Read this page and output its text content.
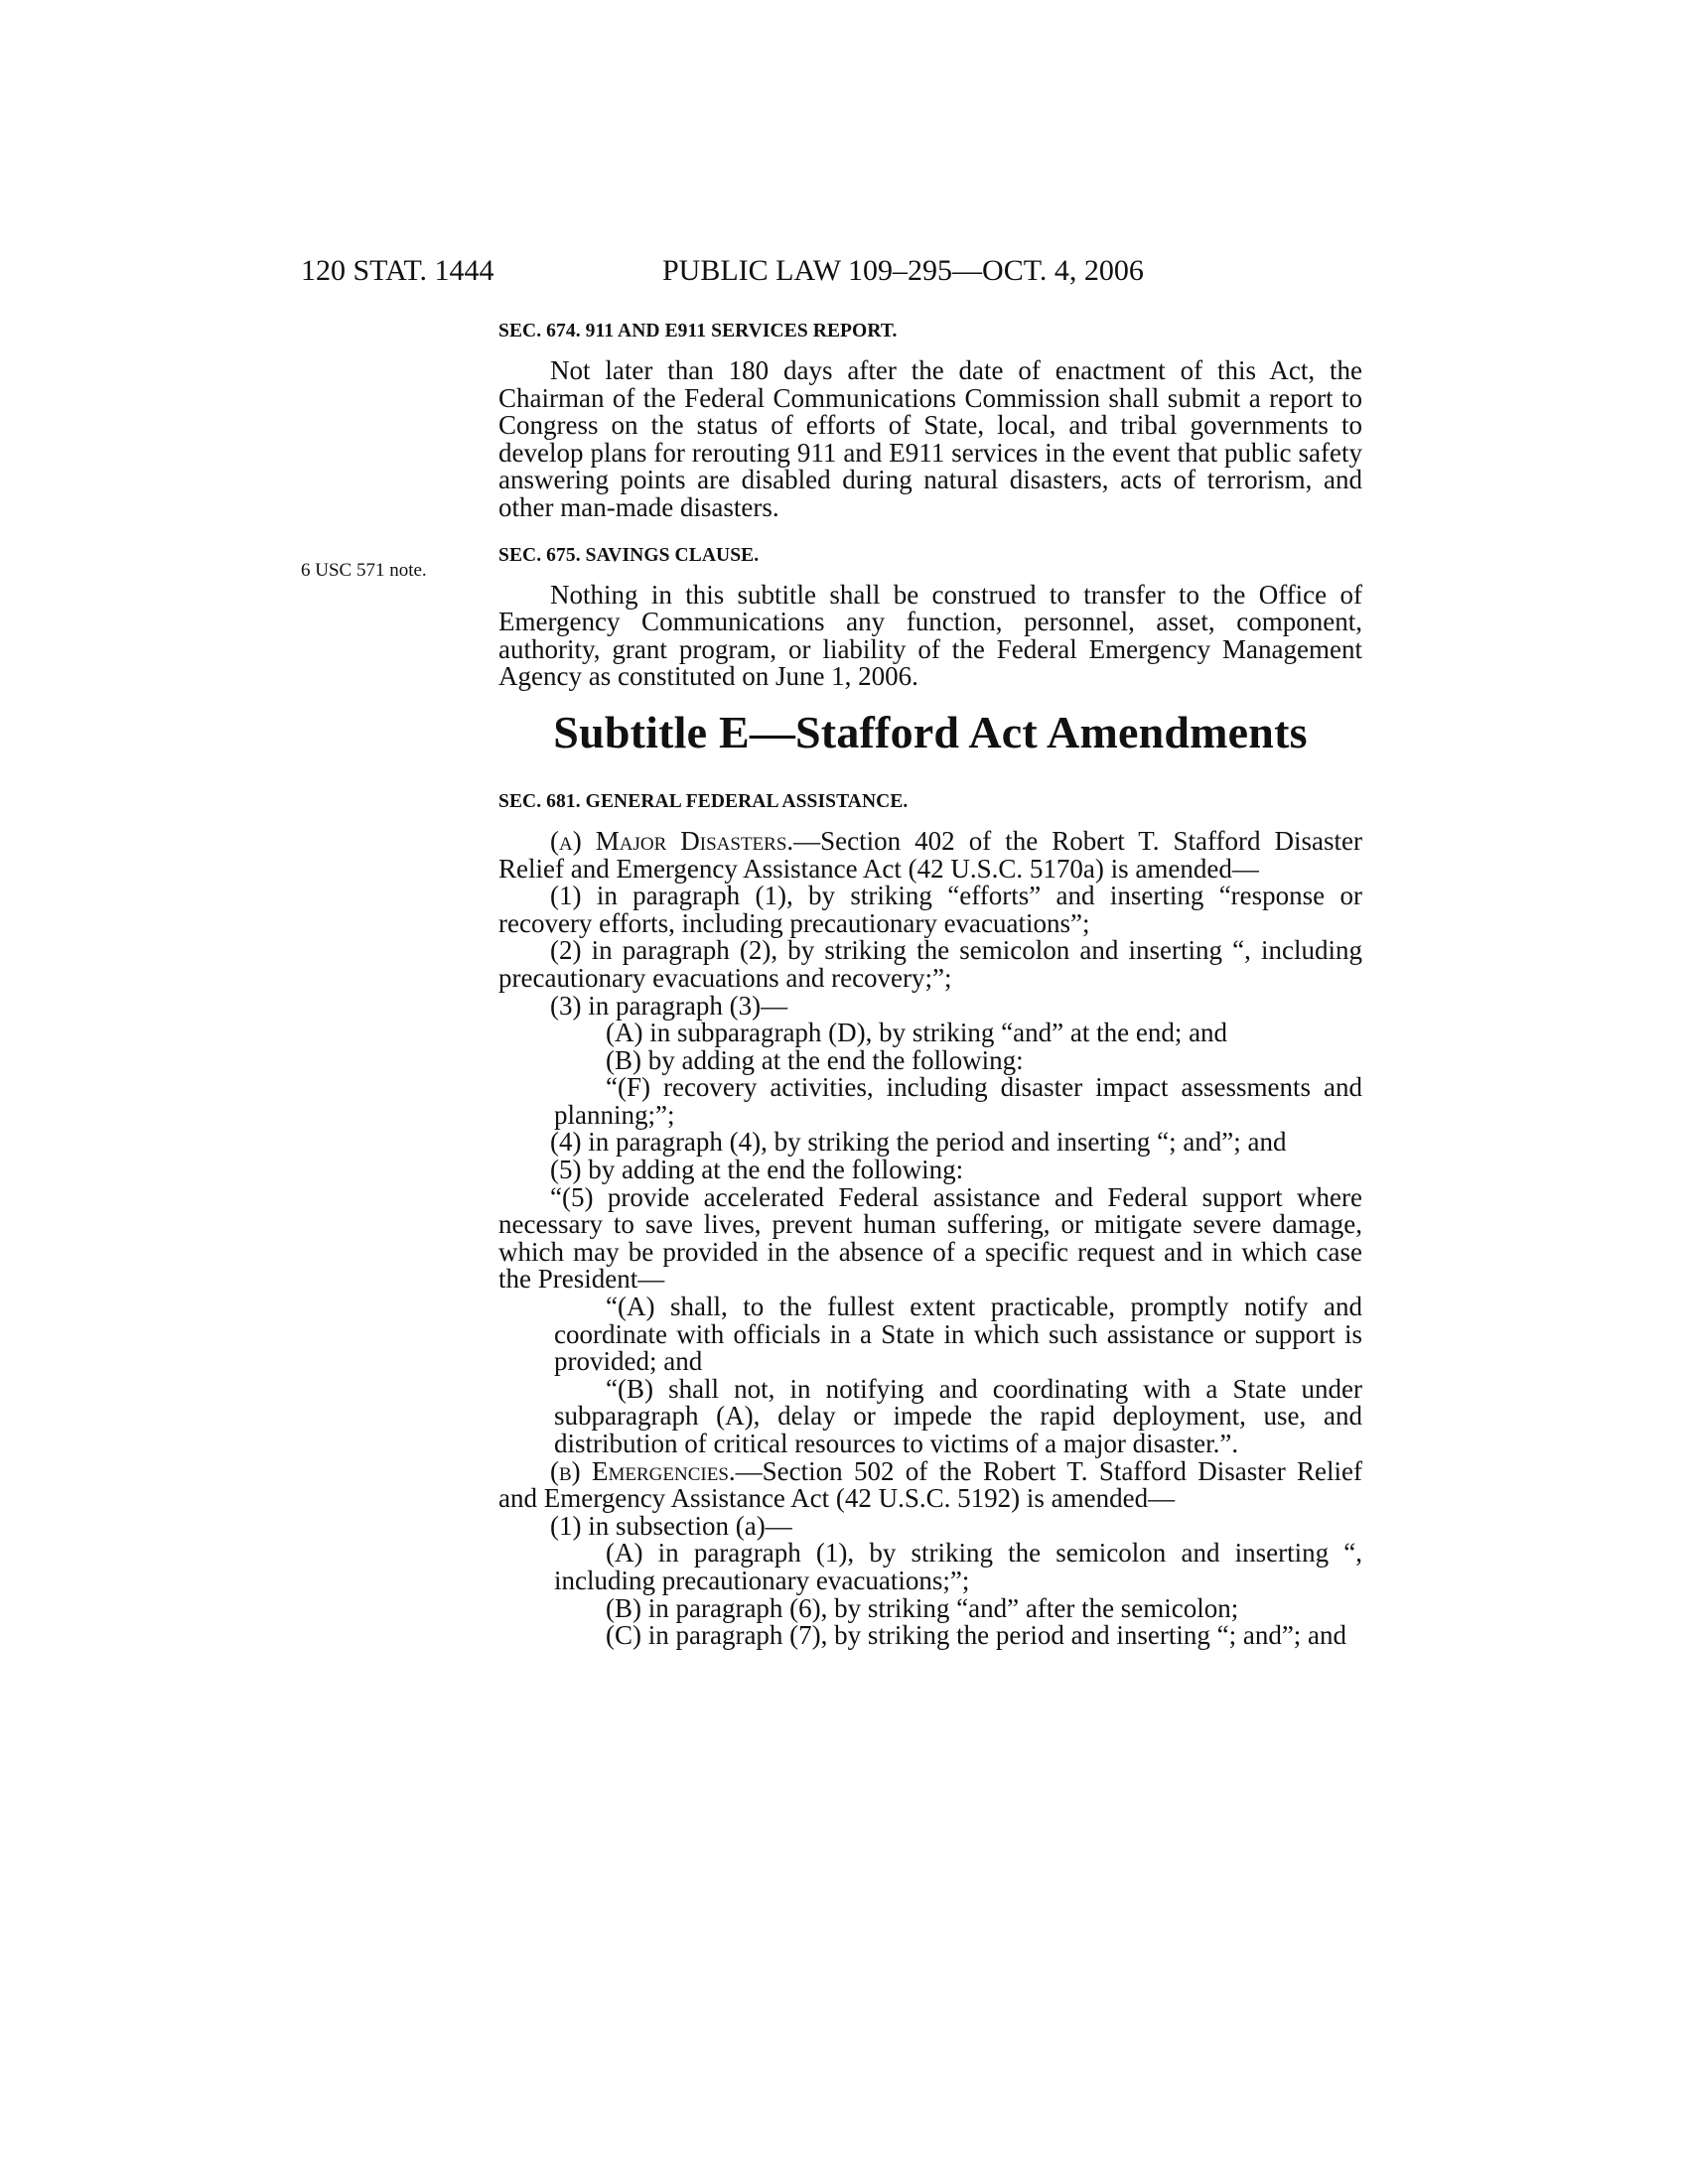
120 STAT. 1444	PUBLIC LAW 109–295—OCT. 4, 2006
6 USC 571 note.
SEC. 674. 911 AND E911 SERVICES REPORT.

Not later than 180 days after the date of enactment of this Act, the Chairman of the Federal Communications Commission shall submit a report to Congress on the status of efforts of State, local, and tribal governments to develop plans for rerouting 911 and E911 services in the event that public safety answering points are disabled during natural disasters, acts of terrorism, and other man-made disasters.

SEC. 675. SAVINGS CLAUSE.

Nothing in this subtitle shall be construed to transfer to the Office of Emergency Communications any function, personnel, asset, component, authority, grant program, or liability of the Federal Emergency Management Agency as constituted on June 1, 2006.

Subtitle E—Stafford Act Amendments
SEC. 681. GENERAL FEDERAL ASSISTANCE.

(a) Major Disasters.—Section 402 of the Robert T. Stafford Disaster Relief and Emergency Assistance Act (42 U.S.C. 5170a) is amended—

(1) in paragraph (1), by striking “efforts” and inserting “response or recovery efforts, including precautionary evacuations”;

(2) in paragraph (2), by striking the semicolon and inserting “, including precautionary evacuations and recovery;”;

(3) in paragraph (3)—

(A) in subparagraph (D), by striking “and” at the end; and

(B) by adding at the end the following:

“(F) recovery activities, including disaster impact assessments and planning;”;

(4) in paragraph (4), by striking the period and inserting “; and”; and

(5) by adding at the end the following:

“(5) provide accelerated Federal assistance and Federal support where necessary to save lives, prevent human suffering, or mitigate severe damage, which may be provided in the absence of a specific request and in which case the President—

“(A) shall, to the fullest extent practicable, promptly notify and coordinate with officials in a State in which such assistance or support is provided; and

“(B) shall not, in notifying and coordinating with a State under subparagraph (A), delay or impede the rapid deployment, use, and distribution of critical resources to victims of a major disaster.”.

(b) Emergencies.—Section 502 of the Robert T. Stafford Disaster Relief and Emergency Assistance Act (42 U.S.C. 5192) is amended—

(1) in subsection (a)—

(A) in paragraph (1), by striking the semicolon and inserting “, including precautionary evacuations;”;

(B) in paragraph (6), by striking “and” after the semicolon;

(C) in paragraph (7), by striking the period and inserting “; and”; and
